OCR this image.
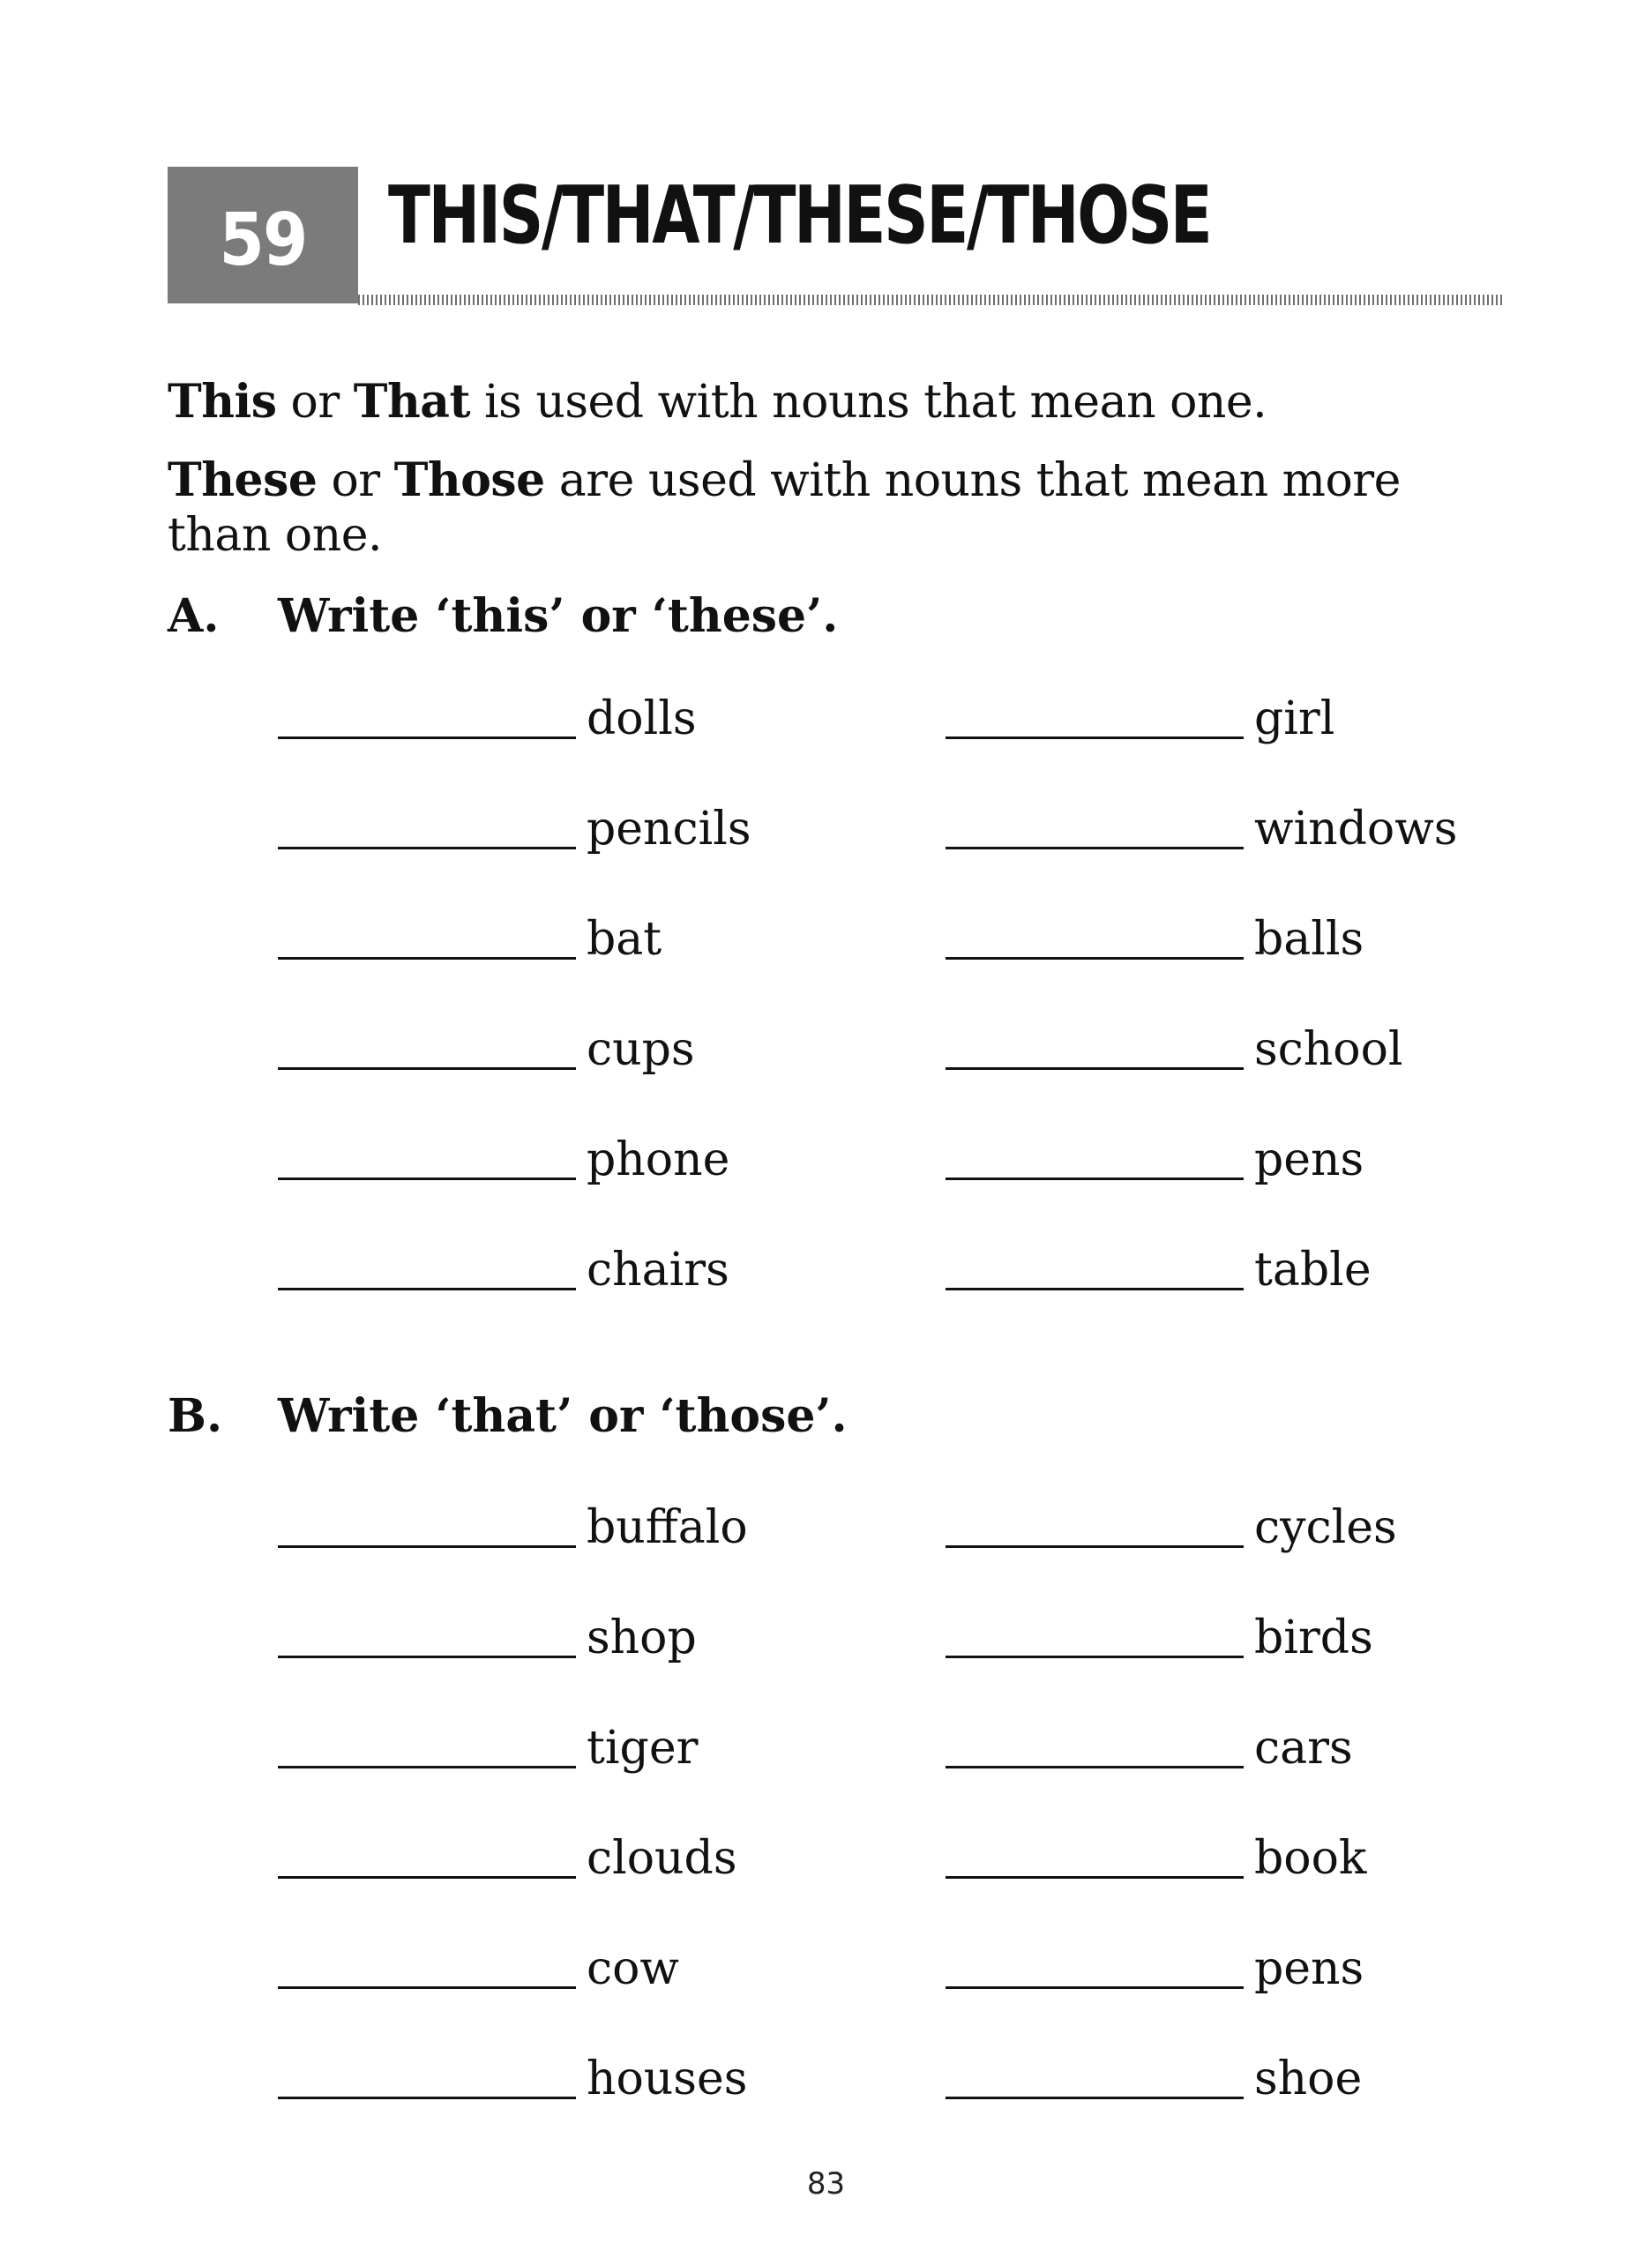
59 THIS/THAT/THESE/THOSE
This or That is used with nouns that mean one.
These or Those are used with nouns that mean more than one.
A. Write ‘this’ or ‘these’.
dolls	girl
pencils	windows
bat	balls
cups	school
phone	pens
chairs	table
B. Write ‘that’ or ‘those’.
buffalo	cycles
shop	birds
tiger	cars
clouds	book
cow	pens
houses	shoe
83
